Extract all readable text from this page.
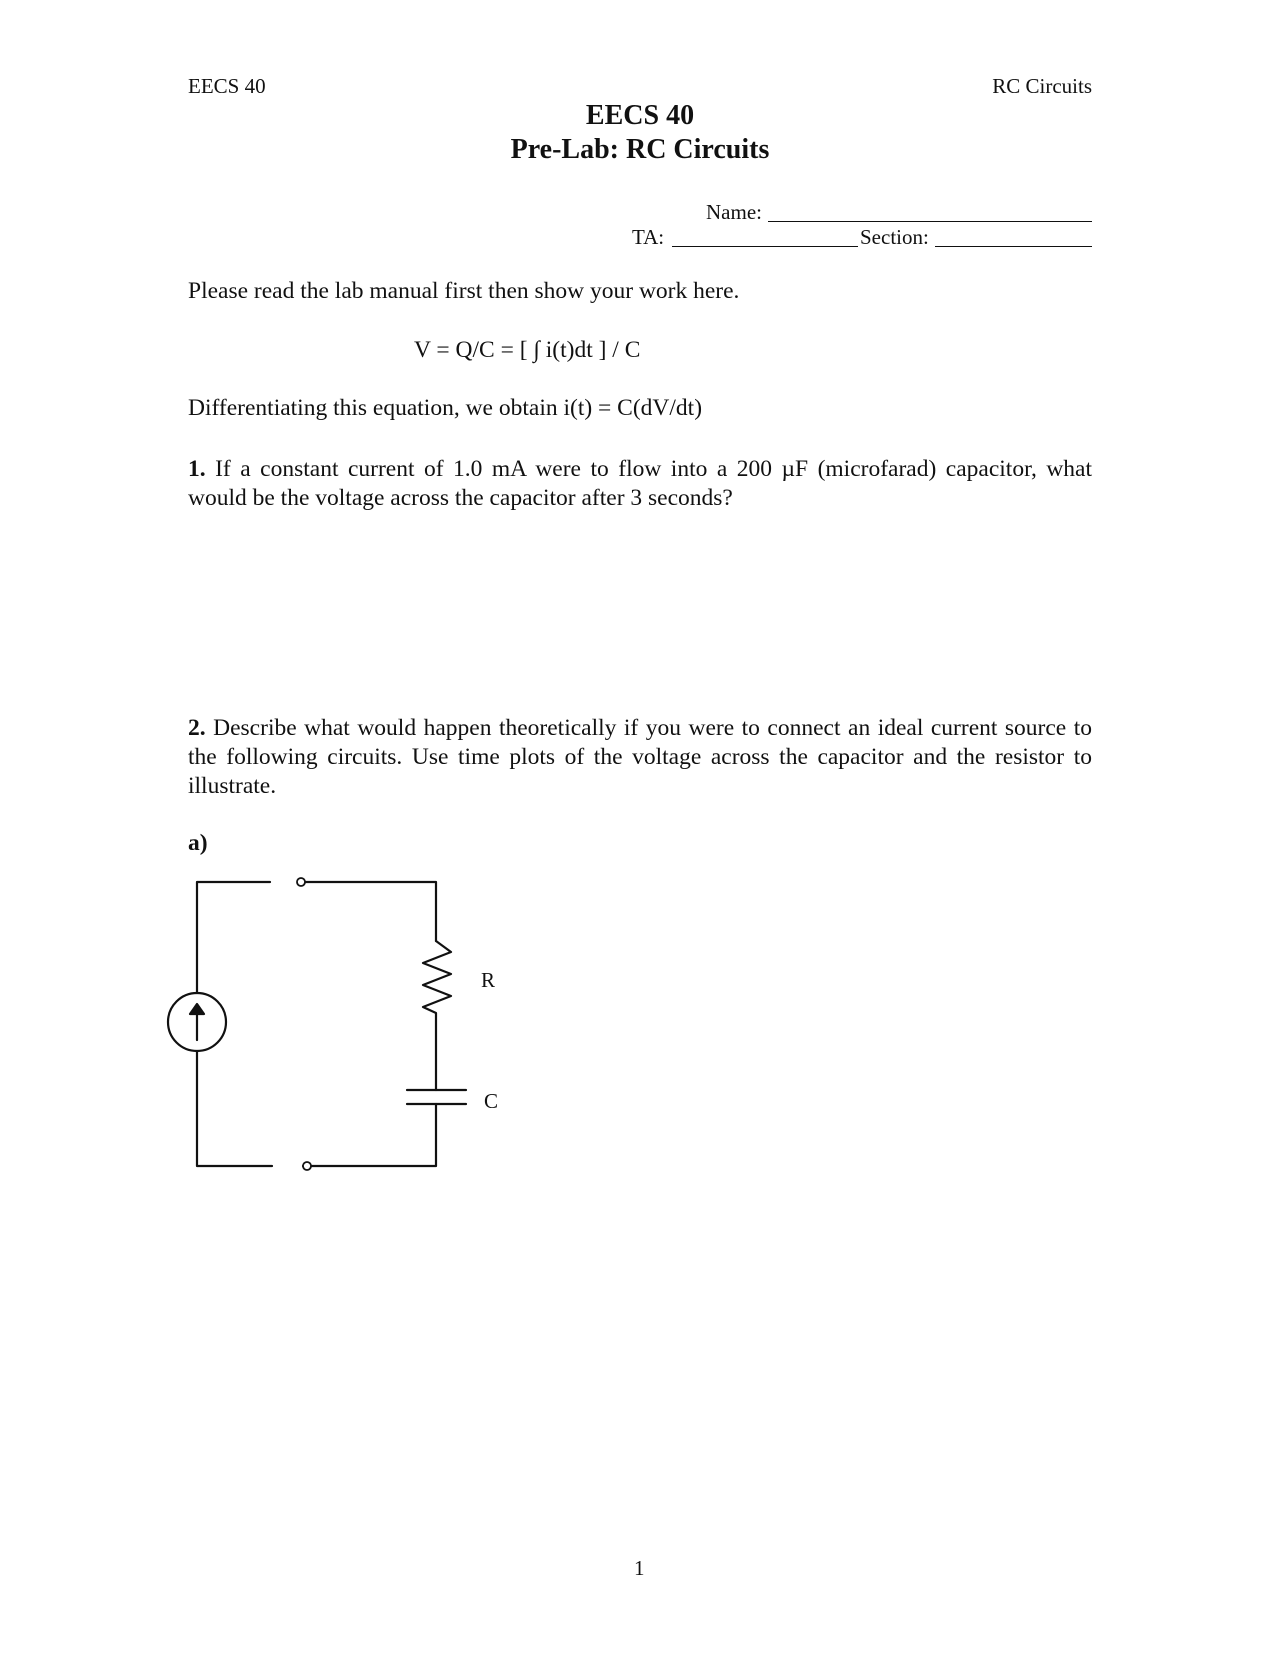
EECS 40	RC Circuits
EECS 40
Pre-Lab: RC Circuits
Name:
TA:	Section:
Please read the lab manual first then show your work here.
V = Q/C = [ ∫ i(t)dt ] / C
Differentiating this equation, we obtain i(t) = C(dV/dt)
1. If a constant current of 1.0 mA were to flow into a 200 µF (microfarad) capacitor, what would be the voltage across the capacitor after 3 seconds?
2. Describe what would happen theoretically if you were to connect an ideal current source to the following circuits. Use time plots of the voltage across the capacitor and the resistor to illustrate.
a)
R
C
1
